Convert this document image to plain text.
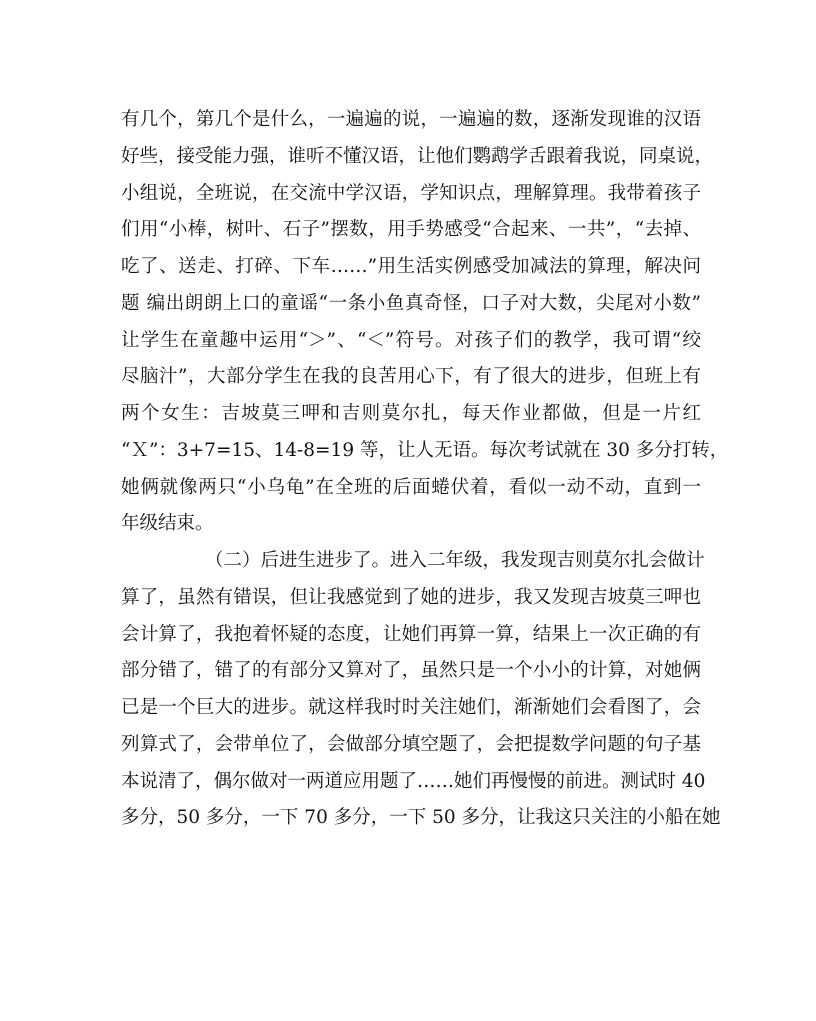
有几个，第几个是什么，一遍遍的说，一遍遍的数，逐渐发现谁的汉语
好些，接受能力强，谁听不懂汉语，让他们鹦鹉学舌跟着我说，同桌说，
小组说，全班说，在交流中学汉语，学知识点，理解算理。我带着孩子
们用“小棒，树叶、石子”摆数，用手势感受“合起来、一共”，“去掉、
吃了、送走、打碎、下车……”用生活实例感受加减法的算理，解决问
题 编出朗朗上口的童谣“一条小鱼真奇怪，口子对大数，尖尾对小数”
让学生在童趣中运用“＞”、“＜”符号。对孩子们的教学，我可谓“绞
尽脑汁”，大部分学生在我的良苦用心下，有了很大的进步，但班上有
两个女生：吉坡莫三呷和吉则莫尔扎，每天作业都做，但是一片红
“Ｘ”：3+7=15、14-8=19 等，让人无语。每次考试就在 30 多分打转，
她俩就像两只“小乌龟”在全班的后面蜷伏着，看似一动不动，直到一
年级结束。
（二）后进生进步了。进入二年级，我发现吉则莫尔扎会做计
算了，虽然有错误，但让我感觉到了她的进步，我又发现吉坡莫三呷也
会计算了，我抱着怀疑的态度，让她们再算一算，结果上一次正确的有
部分错了，错了的有部分又算对了，虽然只是一个小小的计算，对她俩
已是一个巨大的进步。就这样我时时关注她们，渐渐她们会看图了，会
列算式了，会带单位了，会做部分填空题了，会把提数学问题的句子基
本说清了，偶尔做对一两道应用题了……她们再慢慢的前进。测试时 40
多分，50 多分，一下 70 多分，一下 50 多分，让我这只关注的小船在她
